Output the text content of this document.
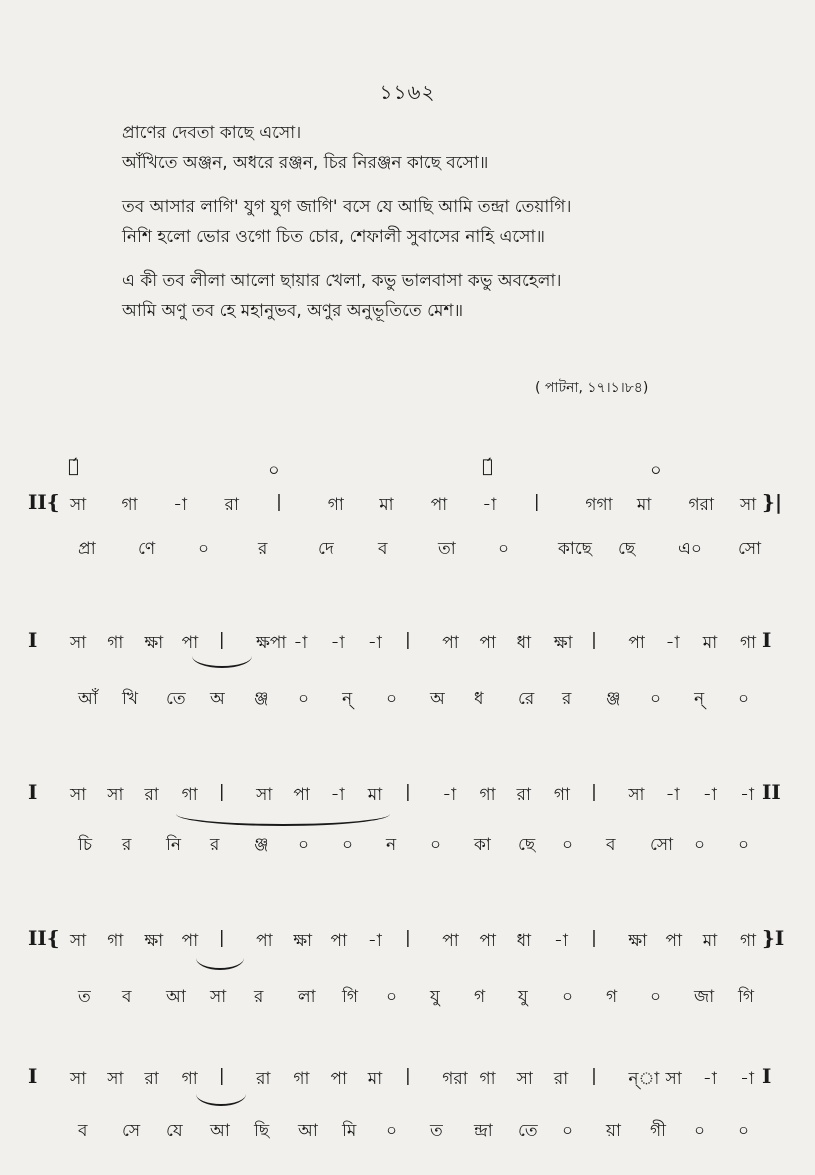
১১৬২
প্রাণের দেবতা কাছে এসো।
আঁখিতে অঞ্জন, অধরে রঞ্জন, চির নিরঞ্জন কাছে বসো॥
তব আসার লাগি' যুগ যুগ জাগি' বসে যে আছি আমি তন্দ্রা তেয়াগি।
নিশি হলো ভোর ওগো চিত চোর, শেফালী সুবাসের নাহি এসো॥
এ কী তব লীলা আলো ছায়ার খেলা, কভু ভালবাসা কভু অবহেলা।
আমি অণু তব হে মহানুভব, অণুর অনুভূতিতে মেশ॥
( পাটনা, ১৭।১।৮৪)
১́	০	১́	০
II{ সা গা -া রা |	গা মা পা -া |	গগা মা গরা সা }|
প্রা ণে	০	র	দে	ব	তা ০	কাছে ছে	এ০ সো
I সা গা ক্ষা পা | ক্ষপা -া -া -া | পা পা ধা ক্ষা | পা -া মা গা I
আঁ খি তে অ ঞ্জ ০ ন্ ০ অ ধ রে র ঞ্জ ০ ন্ ০
I সা সা রা গা | সা পা -া মা | -া গা রা গা | সা -া -া -া II
চি র নি র ঞ্জ ০ ০ ন ০ কা ছে ০ ব সো ০ ০
II{ সা গা ক্ষা পা | পা ক্ষা পা -া | পা পা ধা -া | ক্ষা পা মা গা }I
ত ব আ সা র লা গি ০ যু গ যু ০ গ ০ জা গি
I সা সা রা গা | রা গা পা মা | গরা গা সা রা | ন্‌া সা -া -া I
ব সে যে আ ছি আ মি ০ ত ন্দ্রা তে ০ য়া গী ০ ০
